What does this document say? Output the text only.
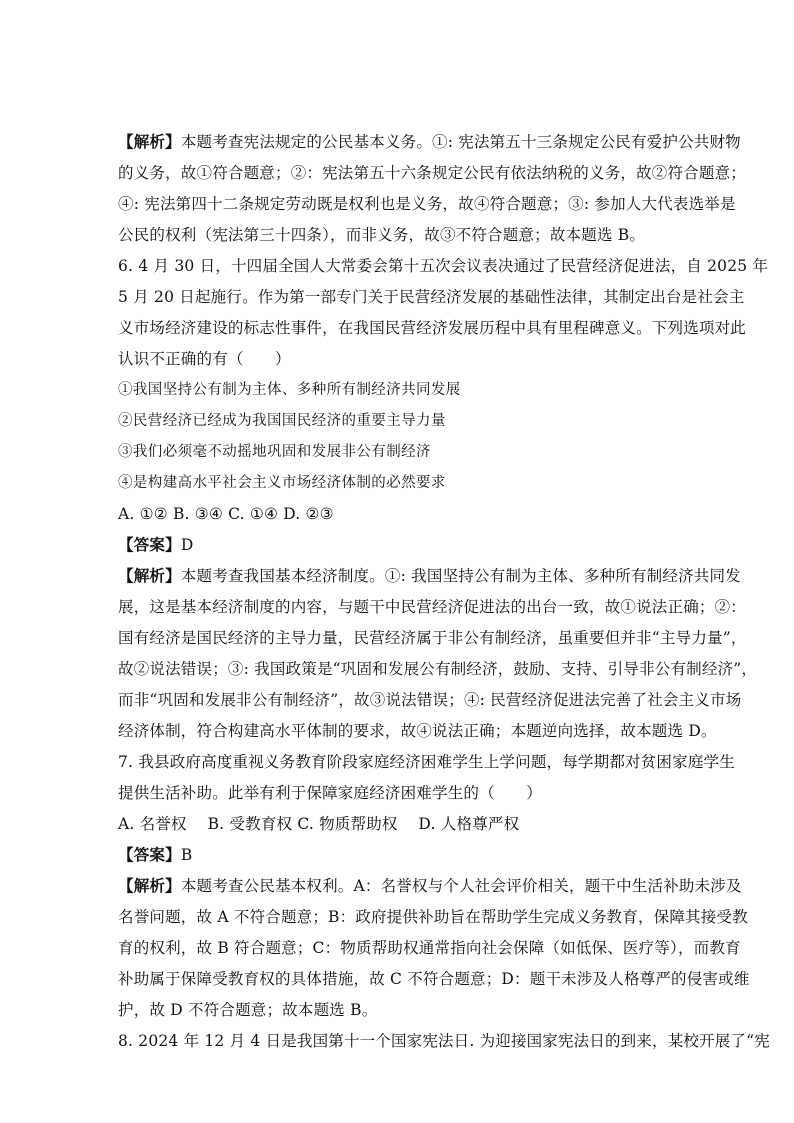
【解析】本题考查宪法规定的公民基本义务。①: 宪法第五十三条规定公民有爱护公共财物
的义务，故①符合题意；②：宪法第五十六条规定公民有依法纳税的义务，故②符合题意；
④: 宪法第四十二条规定劳动既是权利也是义务，故④符合题意；③: 参加人大代表选举是
公民的权利（宪法第三十四条），而非义务，故③不符合题意；故本题选 B。
6. 4 月 30 日，十四届全国人大常委会第十五次会议表决通过了民营经济促进法，自 2025 年
5 月 20 日起施行。作为第一部专门关于民营经济发展的基础性法律，其制定出台是社会主
义市场经济建设的标志性事件，在我国民营经济发展历程中具有里程碑意义。下列选项对此
认识不正确的有（　　）
①我国坚持公有制为主体、多种所有制经济共同发展
②民营经济已经成为我国国民经济的重要主导力量
③我们必须毫不动摇地巩固和发展非公有制经济
④是构建高水平社会主义市场经济体制的必然要求
A. ①② B. ③④ C. ①④ D. ②③
【答案】D
【解析】本题考查我国基本经济制度。①: 我国坚持公有制为主体、多种所有制经济共同发
展，这是基本经济制度的内容，与题干中民营经济促进法的出台一致，故①说法正确；②：
国有经济是国民经济的主导力量，民营经济属于非公有制经济，虽重要但并非“主导力量”，
故②说法错误；③: 我国政策是“巩固和发展公有制经济，鼓励、支持、引导非公有制经济”，
而非“巩固和发展非公有制经济”，故③说法错误；④: 民营经济促进法完善了社会主义市场
经济体制，符合构建高水平体制的要求，故④说法正确；本题逆向选择，故本题选 D。
7. 我县政府高度重视义务教育阶段家庭经济困难学生上学问题，每学期都对贫困家庭学生
提供生活补助。此举有利于保障家庭经济困难学生的（　　）
A. 名誉权　 B. 受教育权 C. 物质帮助权　 D. 人格尊严权
【答案】B
【解析】本题考查公民基本权利。A：名誉权与个人社会评价相关，题干中生活补助未涉及
名誉问题，故 A 不符合题意；B：政府提供补助旨在帮助学生完成义务教育，保障其接受教
育的权利，故 B 符合题意；C：物质帮助权通常指向社会保障（如低保、医疗等），而教育
补助属于保障受教育权的具体措施，故 C 不符合题意；D：题干未涉及人格尊严的侵害或维
护，故 D 不符合题意；故本题选 B。
8. 2024 年 12 月 4 日是我国第十一个国家宪法日. 为迎接国家宪法日的到来，某校开展了“宪
